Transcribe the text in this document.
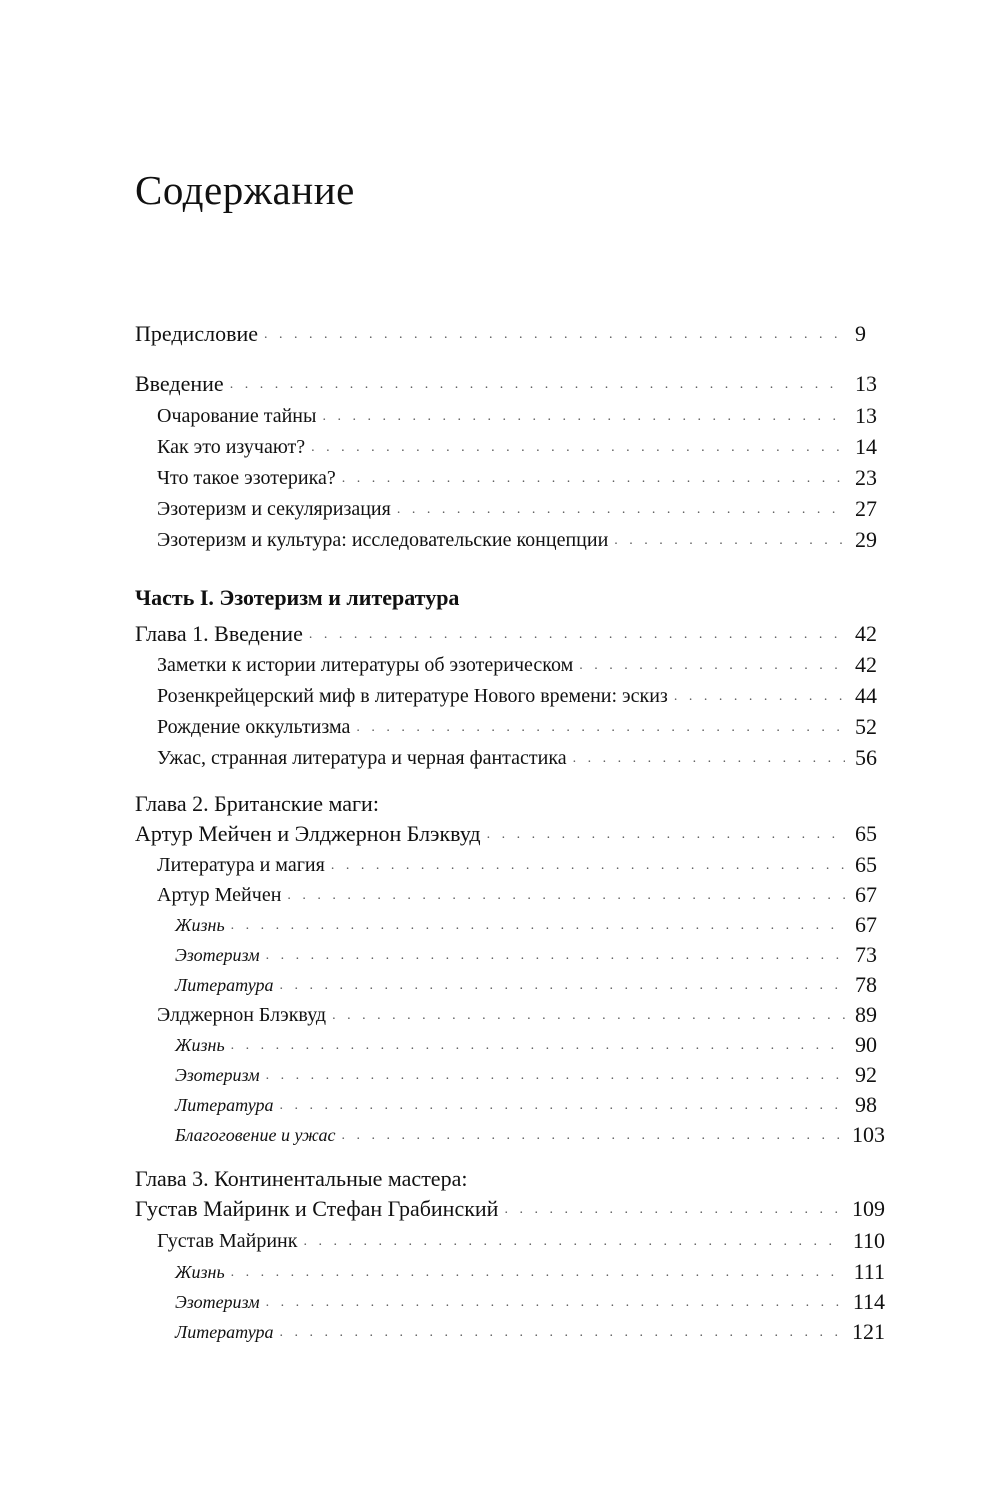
Содержание
Предисловие . . .	9
Введение . . .	13
Очарование тайны . . .	13
Как это изучают? . . .	14
Что такое эзотерика? . . .	23
Эзотеризм и секуляризация . . .	27
Эзотеризм и культура: исследовательские концепции . . .	29
Часть I. Эзотеризм и литература
Глава 1. Введение . . .	42
Заметки к истории литературы об эзотерическом . . .	42
Розенкрейцерский миф в литературе Нового времени: эскиз . . .	44
Рождение оккультизма . . .	52
Ужас, странная литература и черная фантастика . . .	56
Глава 2. Британские маги:
Артур Мейчен и Элджернон Блэквуд . . .	65
Литература и магия . . .	65
Артур Мейчен . . .	67
Жизнь . . .	67
Эзотеризм . . .	73
Литература . . .	78
Элджернон Блэквуд . . .	89
Жизнь . . .	90
Эзотеризм . . .	92
Литература . . .	98
Благоговение и ужас . . .	103
Глава 3. Континентальные мастера:
Густав Майринк и Стефан Грабинский . . .	109
Густав Майринк . . .	110
Жизнь . . .	111
Эзотеризм . . .	114
Литература . . .	121
